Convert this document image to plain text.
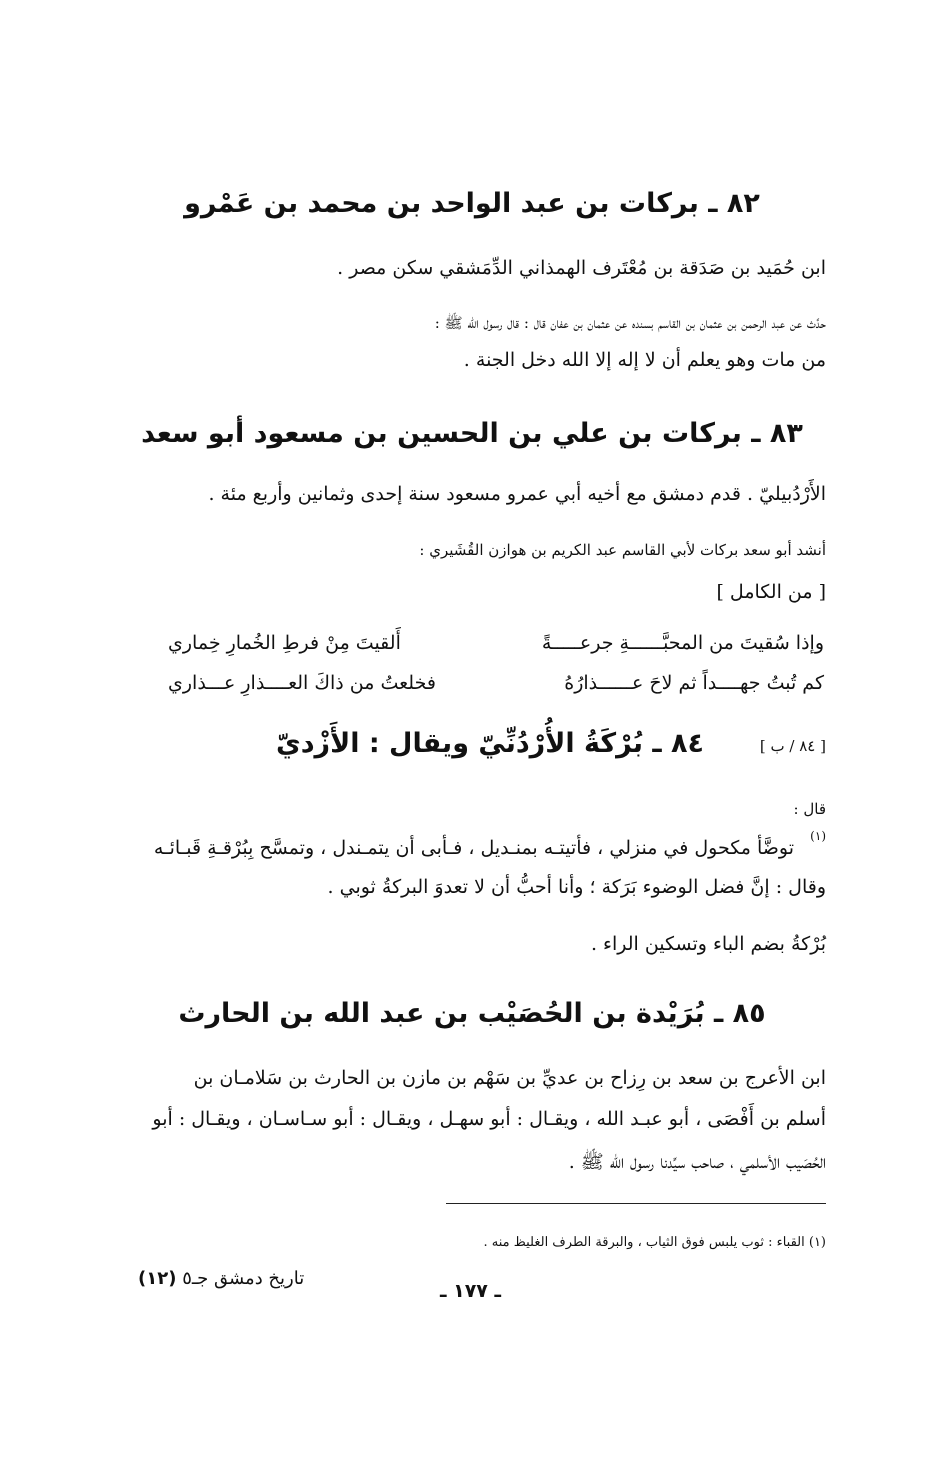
٨٢ ـ بركات بن عبد الواحد بن محمد بن عَمْرو
ابن حُمَيد بن صَدَقة بن مُعْتَرف الهمذاني الدِّمَشقي سكن مصر .
حدَّث عن عبد الرحمن بن عثمان بن القاسم بسنده عن عثمان بن عفان قال : قال رسول الله ﷺ :
من مات وهو يعلم أن لا إله إلا الله دخل الجنة .
٨٣ ـ بركات بن علي بن الحسين بن مسعود أبو سعد
الأَرْدُبيليّ . قدم دمشق مع أخيه أبي عمرو مسعود سنة إحدى وثمانين وأربع مئة .
أنشد أبو سعد بركات لأبي القاسم عبد الكريم بن هوازن القُشَيري :
[ من الكامل ]
وإذا سُقيتَ من المحبَّــــــةِ جرعـــــةً
أَلقيتَ مِنْ فرطِ الخُمارِ خِماري
كم تُبتُ جهــــداً ثم لاحَ عــــــذارُهُ
فخلعتُ من ذاكَ العــــذارِ عـــذاري
٨٤ ـ بُرْكَةُ الأُرْدُنِّيّ ويقال : الأَزْديّ	[ ٨٤ / ب ]
قال :
توضَّأ مكحول في منزلي ، فأتيتـه بمنـديل ، فـأبى أن يتمـندل ، وتمسَّح بِبُرْقـةِ قَبـائـه
(١)
وقال : إنَّ فضل الوضوء بَرَكة ؛ وأنا أحبُّ أن لا تعدوَ البركةُ ثوبي .
بُرْكةُ بضم الباء وتسكين الراء .
٨٥ ـ بُرَيْدة بن الحُصَيْب بن عبد الله بن الحارث
ابن الأعرج بن سعد بن رِزاح بن عديِّ بن سَهْم بن مازن بن الحارث بن سَلامـان بن
أسلم بن أَفْصَى ، أبو عبـد الله ، ويقـال : أبو سهـل ، ويقـال : أبو سـاسـان ، ويقـال : أبو
الحُصَيب الأسلمي ، صاحب سيِّدنا رسول الله ﷺ .
(١) القباء : ثوب يلبس فوق الثياب ، والبرقة الطرف الغليظ منه .
ـ ١٧٧ ـ
تاريخ دمشق جـ٥ (١٢)
